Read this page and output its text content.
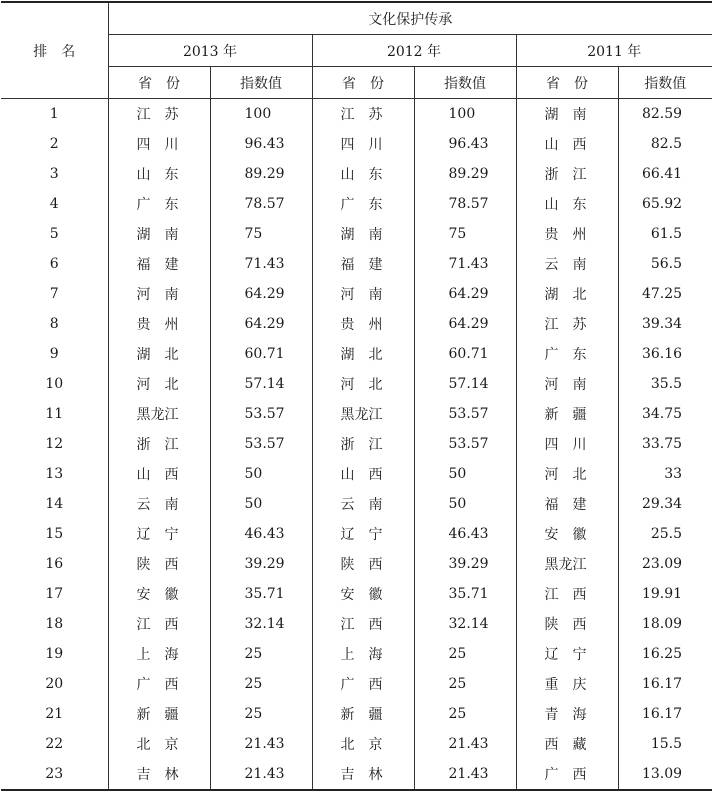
排　名	文化保护传承					
	2013 年		2012 年		2011 年	
	省　份	指数值	省　份	指数值	省　份	指数值
1	江　苏	100	江　苏	100	湖　南	82.59
2	四　川	96.43	四　川	96.43	山　西	82.5
3	山　东	89.29	山　东	89.29	浙　江	66.41
4	广　东	78.57	广　东	78.57	山　东	65.92
5	湖　南	75	湖　南	75	贵　州	61.5
6	福　建	71.43	福　建	71.43	云　南	56.5
7	河　南	64.29	河　南	64.29	湖　北	47.25
8	贵　州	64.29	贵　州	64.29	江　苏	39.34
9	湖　北	60.71	湖　北	60.71	广　东	36.16
10	河　北	57.14	河　北	57.14	河　南	35.5
11	黑龙江	53.57	黑龙江	53.57	新　疆	34.75
12	浙　江	53.57	浙　江	53.57	四　川	33.75
13	山　西	50	山　西	50	河　北	33
14	云　南	50	云　南	50	福　建	29.34
15	辽　宁	46.43	辽　宁	46.43	安　徽	25.5
16	陕　西	39.29	陕　西	39.29	黑龙江	23.09
17	安　徽	35.71	安　徽	35.71	江　西	19.91
18	江　西	32.14	江　西	32.14	陕　西	18.09
19	上　海	25	上　海	25	辽　宁	16.25
20	广　西	25	广　西	25	重　庆	16.17
21	新　疆	25	新　疆	25	青　海	16.17
22	北　京	21.43	北　京	21.43	西　藏	15.5
23	吉　林	21.43	吉　林	21.43	广　西	13.09
